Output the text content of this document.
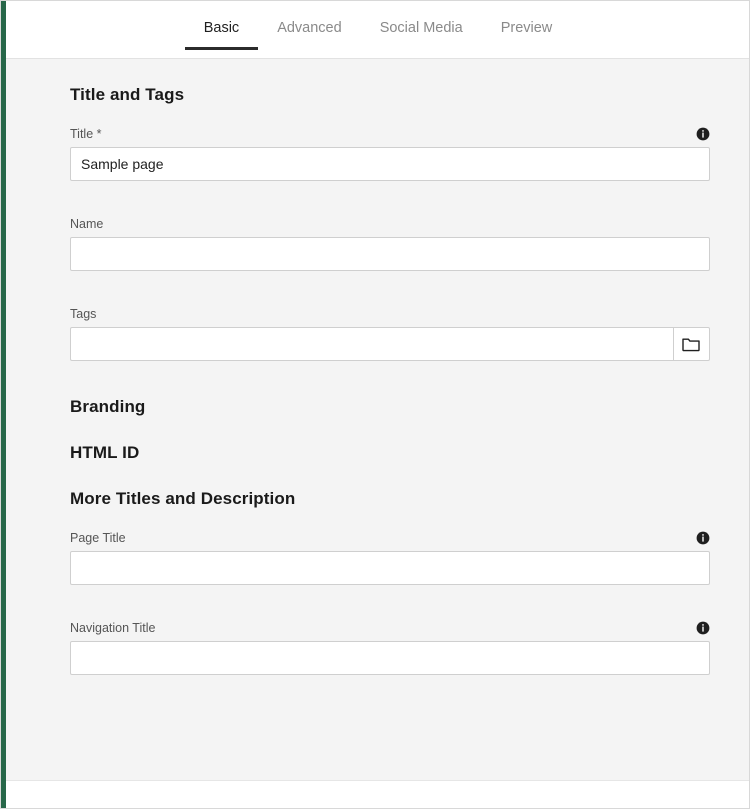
Basic	Advanced	Social Media	Preview
Title and Tags
Title *
Sample page
Name
Tags
Branding
HTML ID
More Titles and Description
Page Title
Navigation Title
